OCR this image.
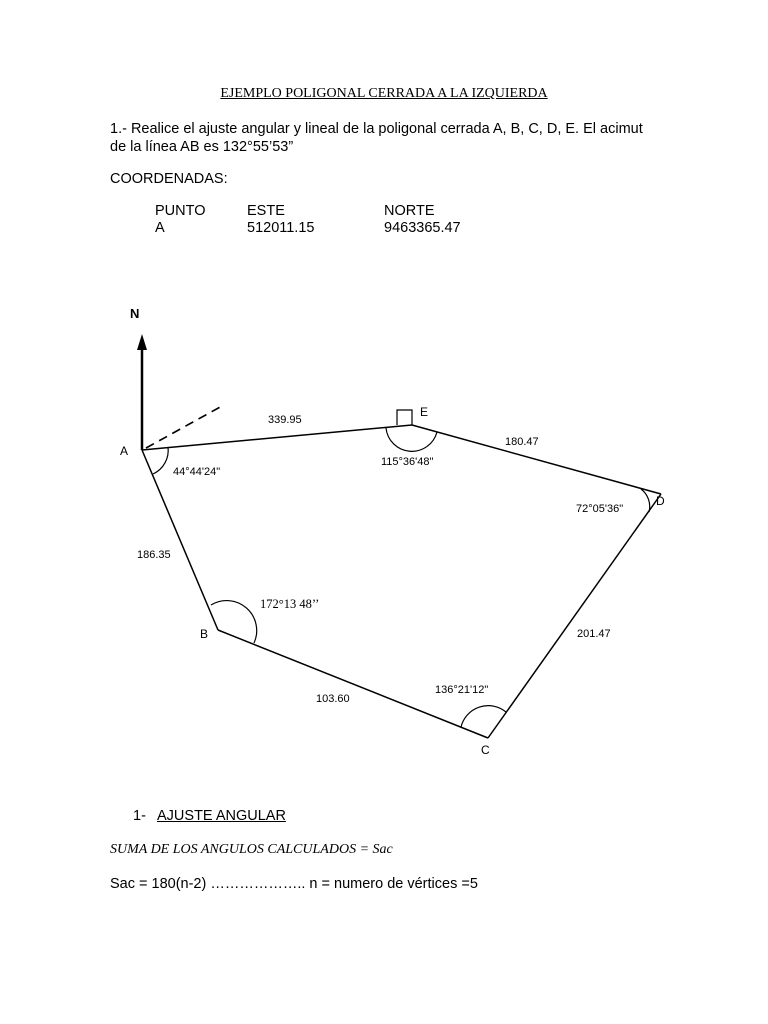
EJEMPLO POLIGONAL CERRADA A LA IZQUIERDA
1.- Realice el ajuste angular y lineal de la poligonal cerrada A, B, C, D, E. El acimut de la línea AB es 132°55’53”
COORDENADAS:
PUNTO	ESTE	NORTE
A	512011.15	9463365.47
N
A
E
D
B
C
339.95
180.47
186.35
103.60
201.47
44°44'24"
115°36'48"
72°05'36"
172°13 48’’
136°21'12"
1- AJUSTE ANGULAR
SUMA DE LOS ANGULOS CALCULADOS = Sac
Sac = 180(n-2) ……………….. n = numero de vértices =5
